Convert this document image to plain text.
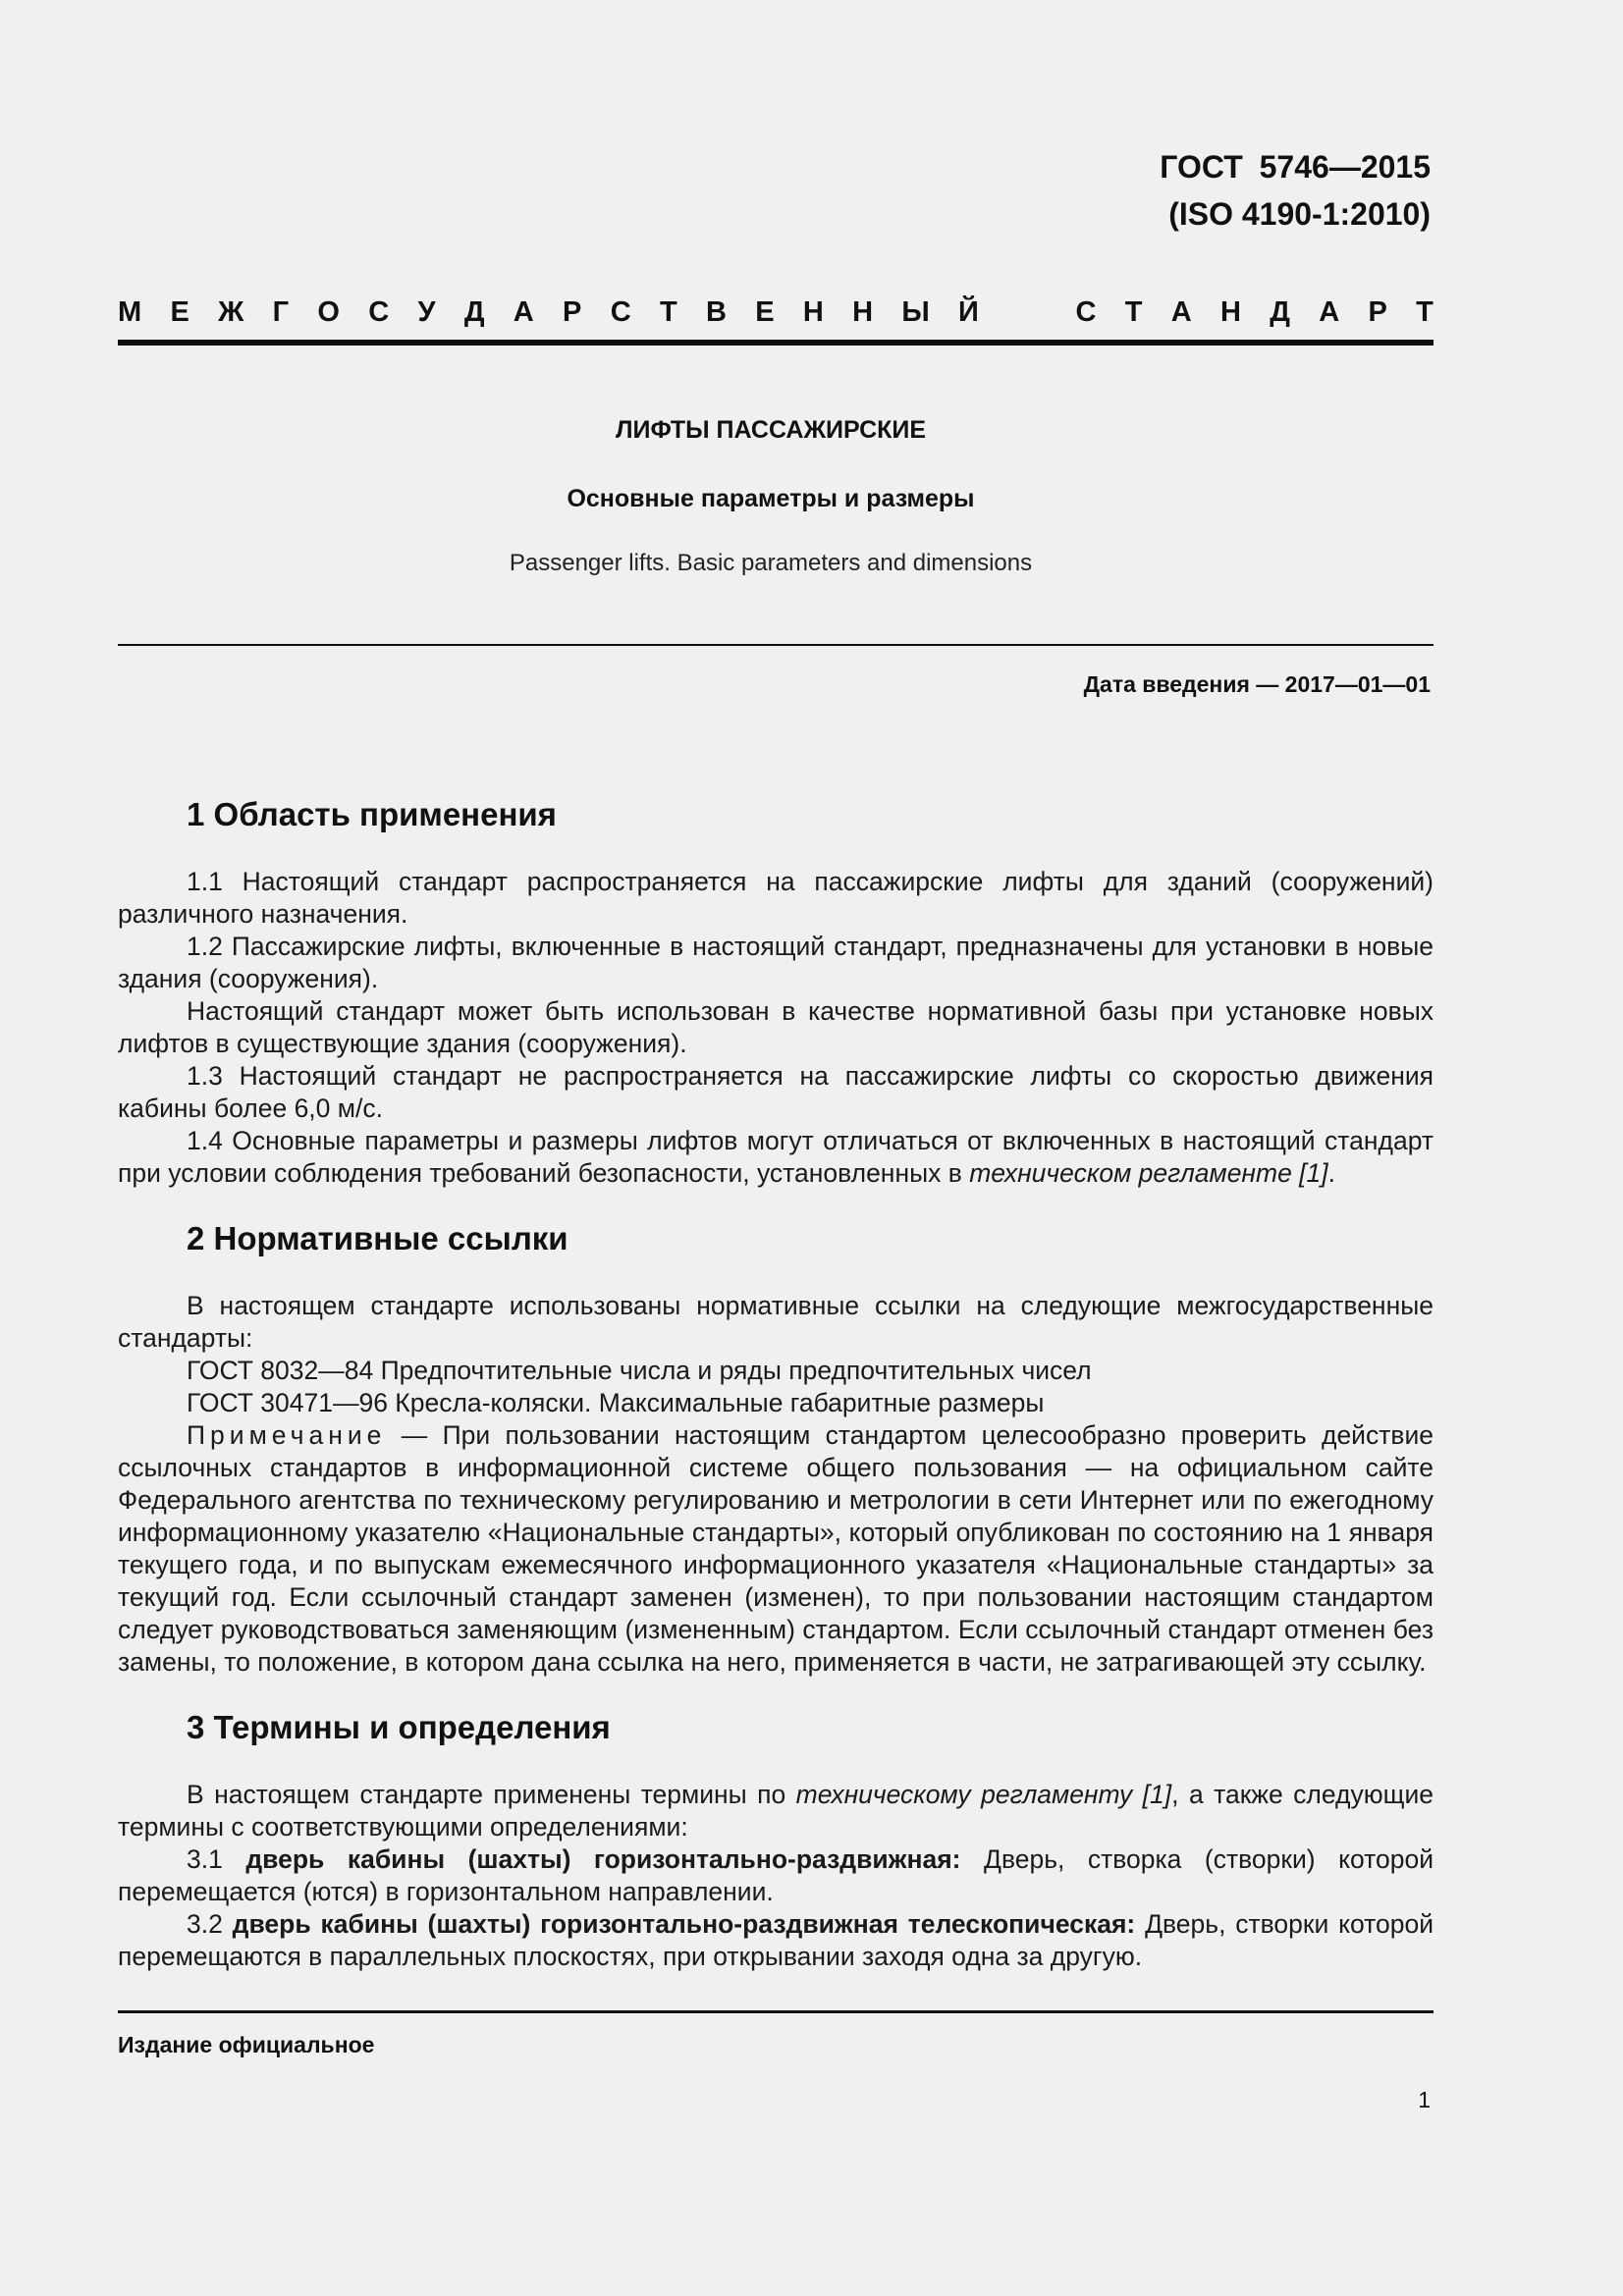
ГОСТ 5746—2015
(ISO 4190-1:2010)
М Е Ж Г О С У Д А Р С Т В Е Н Н Ы Й	С Т А Н Д А Р Т
ЛИФТЫ ПАССАЖИРСКИЕ
Основные параметры и размеры
Passenger lifts. Basic parameters and dimensions
Дата введения — 2017—01—01
1 Область применения

1.1 Настоящий стандарт распространяется на пассажирские лифты для зданий (сооружений) различного назначения.

1.2 Пассажирские лифты, включенные в настоящий стандарт, предназначены для установки в новые здания (сооружения).

Настоящий стандарт может быть использован в качестве нормативной базы при установке новых лифтов в существующие здания (сооружения).

1.3 Настоящий стандарт не распространяется на пассажирские лифты со скоростью движения кабины более 6,0 м/с.

1.4 Основные параметры и размеры лифтов могут отличаться от включенных в настоящий стандарт при условии соблюдения требований безопасности, установленных в техническом регламенте [1].

2 Нормативные ссылки

В настоящем стандарте использованы нормативные ссылки на следующие межгосударственные стандарты:

ГОСТ 8032—84 Предпочтительные числа и ряды предпочтительных чисел

ГОСТ 30471—96 Кресла-коляски. Максимальные габаритные размеры

Примечание — При пользовании настоящим стандартом целесообразно проверить действие ссылочных стандартов в информационной системе общего пользования — на официальном сайте Федерального агентства по техническому регулированию и метрологии в сети Интернет или по ежегодному информационному указателю «Национальные стандарты», который опубликован по состоянию на 1 января текущего года, и по выпускам ежемесячного информационного указателя «Национальные стандарты» за текущий год. Если ссылочный стандарт заменен (изменен), то при пользовании настоящим стандартом следует руководствоваться заменяющим (измененным) стандартом. Если ссылочный стандарт отменен без замены, то положение, в котором дана ссылка на него, применяется в части, не затрагивающей эту ссылку.

3 Термины и определения

В настоящем стандарте применены термины по техническому регламенту [1], а также следующие термины с соответствующими определениями:

3.1 дверь кабины (шахты) горизонтально-раздвижная: Дверь, створка (створки) которой перемещается (ются) в горизонтальном направлении.

3.2 дверь кабины (шахты) горизонтально-раздвижная телескопическая: Дверь, створки которой перемещаются в параллельных плоскостях, при открывании заходя одна за другую.

Издание официальное
1
